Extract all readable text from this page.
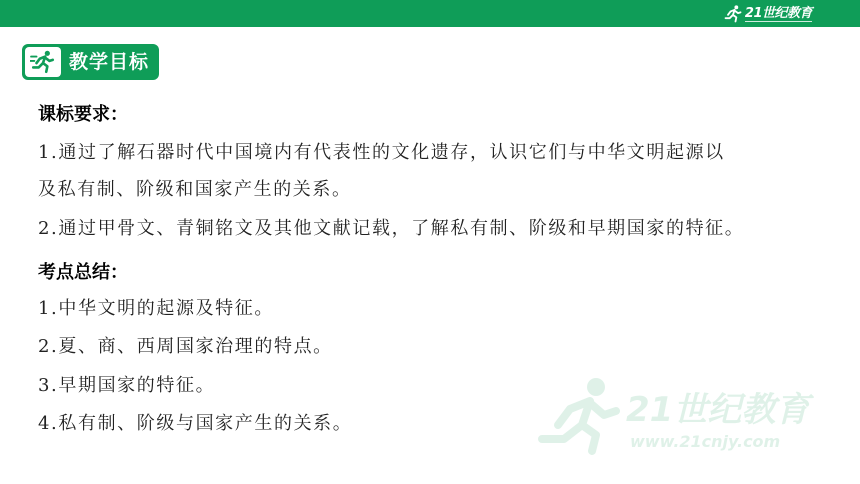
21世纪教育
教学目标
课标要求：
1.通过了解石器时代中国境内有代表性的文化遗存，认识它们与中华文明起源以
及私有制、阶级和国家产生的关系。
2.通过甲骨文、青铜铭文及其他文献记载，了解私有制、阶级和早期国家的特征。
考点总结：
1.中华文明的起源及特征。
2.夏、商、西周国家治理的特点。
3.早期国家的特征。
4.私有制、阶级与国家产生的关系。	21世纪教育
www.21cnjy.com
